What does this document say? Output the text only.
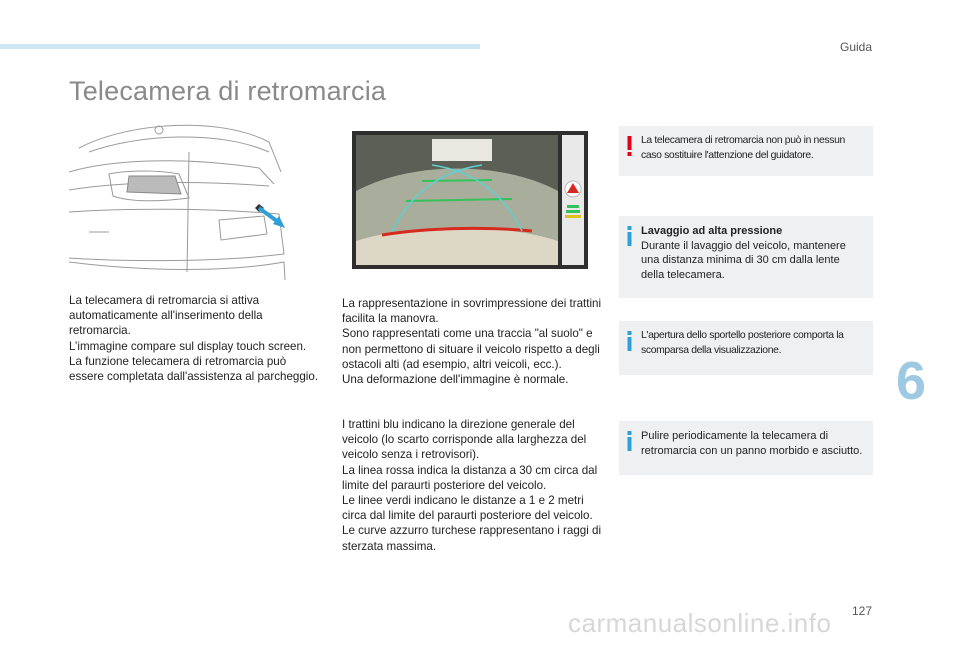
Guida
Telecamera di retromarcia

La telecamera di retromarcia si attiva automaticamente all'inserimento della retromarcia.

L’immagine compare sul display touch screen.

La funzione telecamera di retromarcia può essere completata dall'assistenza al parcheggio.

La rappresentazione in sovrimpressione dei trattini facilita la manovra.

Sono rappresentati come una traccia "al suolo" e non permettono di situare il veicolo rispetto a degli ostacoli alti (ad esempio, altri veicoli, ecc.).

Una deformazione dell'immagine è normale.

I trattini blu indicano la direzione generale del veicolo (lo scarto corrisponde alla larghezza del veicolo senza i retrovisori).

La linea rossa indica la distanza a 30 cm circa dal limite del paraurti posteriore del veicolo.

Le linee verdi indicano le distanze a 1 e 2 metri circa dal limite del paraurti posteriore del veicolo.

Le curve azzurro turchese rappresentano i raggi di sterzata massima.

La telecamera di retromarcia non può in nessun caso sostituire l'attenzione del guidatore.
Lavaggio ad alta pressione
Durante il lavaggio del veicolo, mantenere una distanza minima di 30 cm dalla lente della telecamera.
L'apertura dello sportello posteriore comporta la scomparsa della visualizzazione.
Pulire periodicamente la telecamera di retromarcia con un panno morbido e asciutto.
6
127
carmanualsonline.info
